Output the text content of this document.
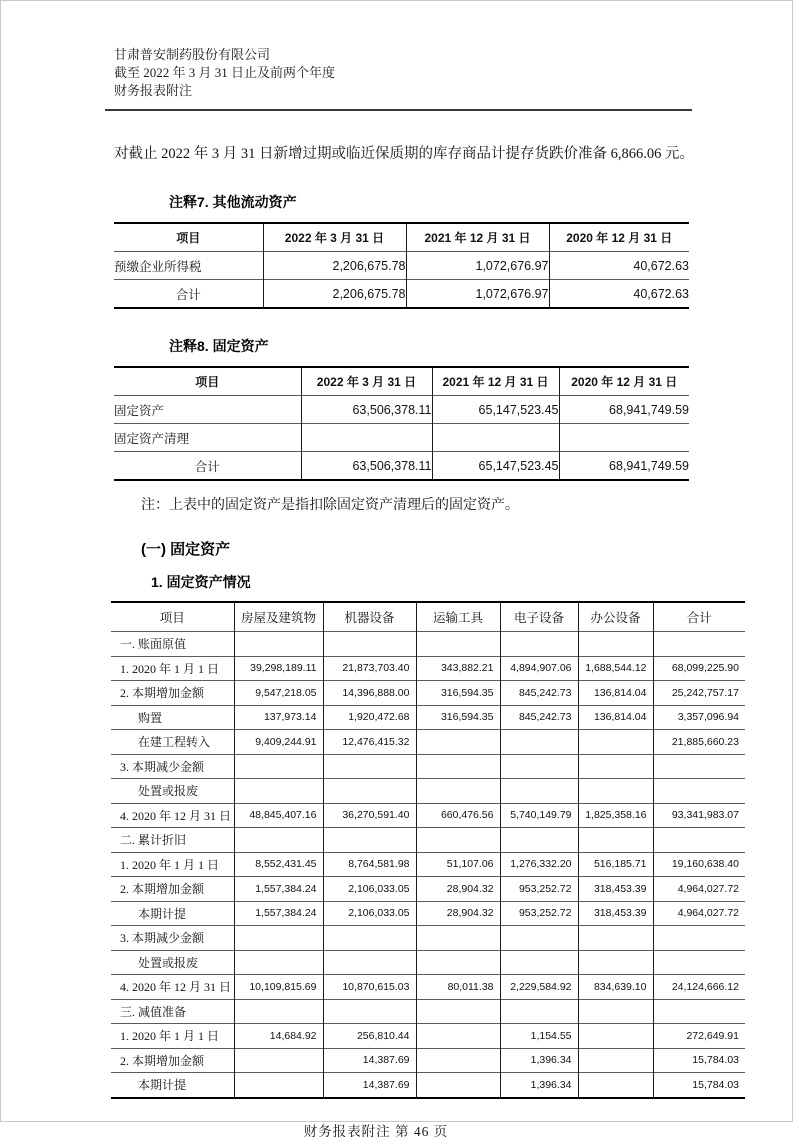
甘肃普安制药股份有限公司
截至 2022 年 3 月 31 日止及前两个年度
财务报表附注

对截止 2022 年 3 月 31 日新增过期或临近保质期的库存商品计提存货跌价准备 6,866.06 元。

注释7. 其他流动资产
项目	2022 年 3 月 31 日	2021 年 12 月 31 日	2020 年 12 月 31 日
预缴企业所得税	2,206,675.78	1,072,676.97	40,672.63
合计	2,206,675.78	1,072,676.97	40,672.63
注释8. 固定资产
项目	2022 年 3 月 31 日	2021 年 12 月 31 日	2020 年 12 月 31 日
固定资产	63,506,378.11	65,147,523.45	68,941,749.59
固定资产清理			
合计	63,506,378.11	65,147,523.45	68,941,749.59
注：上表中的固定资产是指扣除固定资产清理后的固定资产。
(一) 固定资产
1. 固定资产情况
项目	房屋及建筑物	机器设备	运输工具	电子设备	办公设备	合计
一. 账面原值						
1. 2020 年 1 月 1 日	39,298,189.11	21,873,703.40	343,882.21	4,894,907.06	1,688,544.12	68,099,225.90
2. 本期增加金额	9,547,218.05	14,396,888.00	316,594.35	845,242.73	136,814.04	25,242,757.17
购置	137,973.14	1,920,472.68	316,594.35	845,242.73	136,814.04	3,357,096.94
在建工程转入	9,409,244.91	12,476,415.32				21,885,660.23
3. 本期减少金额						
处置或报废						
4. 2020 年 12 月 31 日	48,845,407.16	36,270,591.40	660,476.56	5,740,149.79	1,825,358.16	93,341,983.07
二. 累计折旧						
1. 2020 年 1 月 1 日	8,552,431.45	8,764,581.98	51,107.06	1,276,332.20	516,185.71	19,160,638.40
2. 本期增加金额	1,557,384.24	2,106,033.05	28,904.32	953,252.72	318,453.39	4,964,027.72
本期计提	1,557,384.24	2,106,033.05	28,904.32	953,252.72	318,453.39	4,964,027.72
3. 本期减少金额						
处置或报废						
4. 2020 年 12 月 31 日	10,109,815.69	10,870,615.03	80,011.38	2,229,584.92	834,639.10	24,124,666.12
三. 减值准备						
1. 2020 年 1 月 1 日	14,684.92	256,810.44		1,154.55		272,649.91
2. 本期增加金额		14,387.69		1,396.34		15,784.03
本期计提		14,387.69		1,396.34		15,784.03
财务报表附注 第 46 页
